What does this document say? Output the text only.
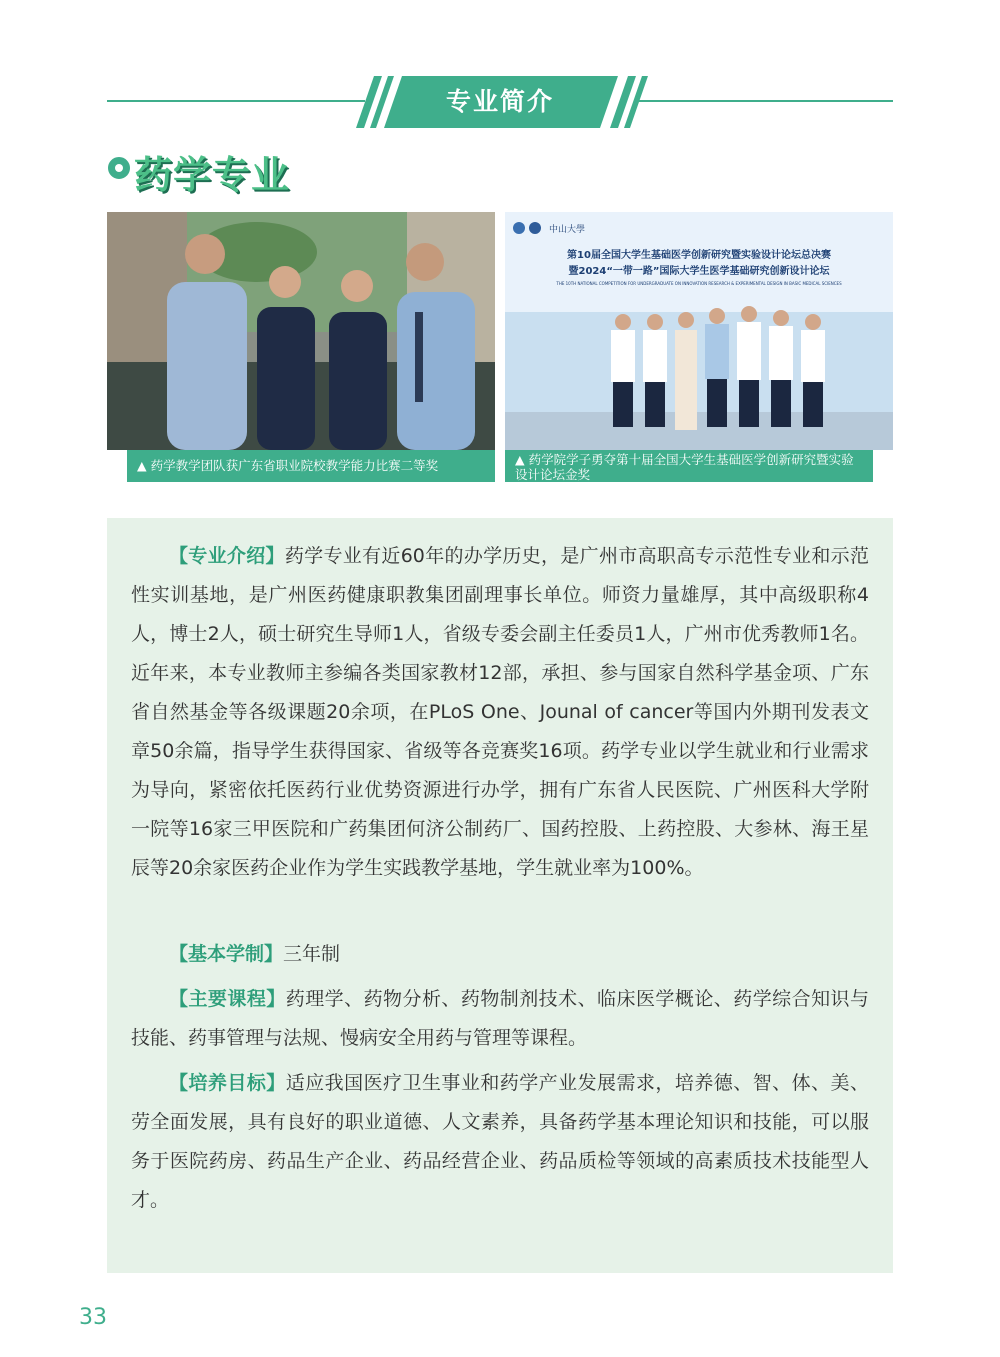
专业简介
药学专业
▲ 药学教学团队获广东省职业院校教学能力比赛二等奖
中山大學
第10届全国大学生基础医学创新研究暨实验设计论坛总决赛
暨2024“一带一路”国际大学生医学基础研究创新设计论坛
THE 10TH NATIONAL COMPETITION FOR UNDERGRADUATE ON INNOVATION RESEARCH & EXPERIMENTAL DESIGN IN BASIC MEDICAL SCIENCES
▲ 药学院学子勇夺第十届全国大学生基础医学创新研究暨实验设计论坛金奖
【专业介绍】药学专业有近60年的办学历史，是广州市高职高专示范性专业和示范性实训基地，是广州医药健康职教集团副理事长单位。师资力量雄厚，其中高级职称4人，博士2人，硕士研究生导师1人，省级专委会副主任委员1人，广州市优秀教师1名。近年来，本专业教师主参编各类国家教材12部，承担、参与国家自然科学基金项、广东省自然基金等各级课题20余项，在PLoS One、Jounal of cancer等国内外期刊发表文章50余篇，指导学生获得国家、省级等各竞赛奖16项。药学专业以学生就业和行业需求为导向，紧密依托医药行业优势资源进行办学，拥有广东省人民医院、广州医科大学附一院等16家三甲医院和广药集团何济公制药厂、国药控股、上药控股、大参林、海王星辰等20余家医药企业作为学生实践教学基地，学生就业率为100%。
【基本学制】三年制
【主要课程】药理学、药物分析、药物制剂技术、临床医学概论、药学综合知识与技能、药事管理与法规、慢病安全用药与管理等课程。
【培养目标】适应我国医疗卫生事业和药学产业发展需求，培养德、智、体、美、劳全面发展，具有良好的职业道德、人文素养，具备药学基本理论知识和技能，可以服务于医院药房、药品生产企业、药品经营企业、药品质检等领域的高素质技术技能型人才。
33
